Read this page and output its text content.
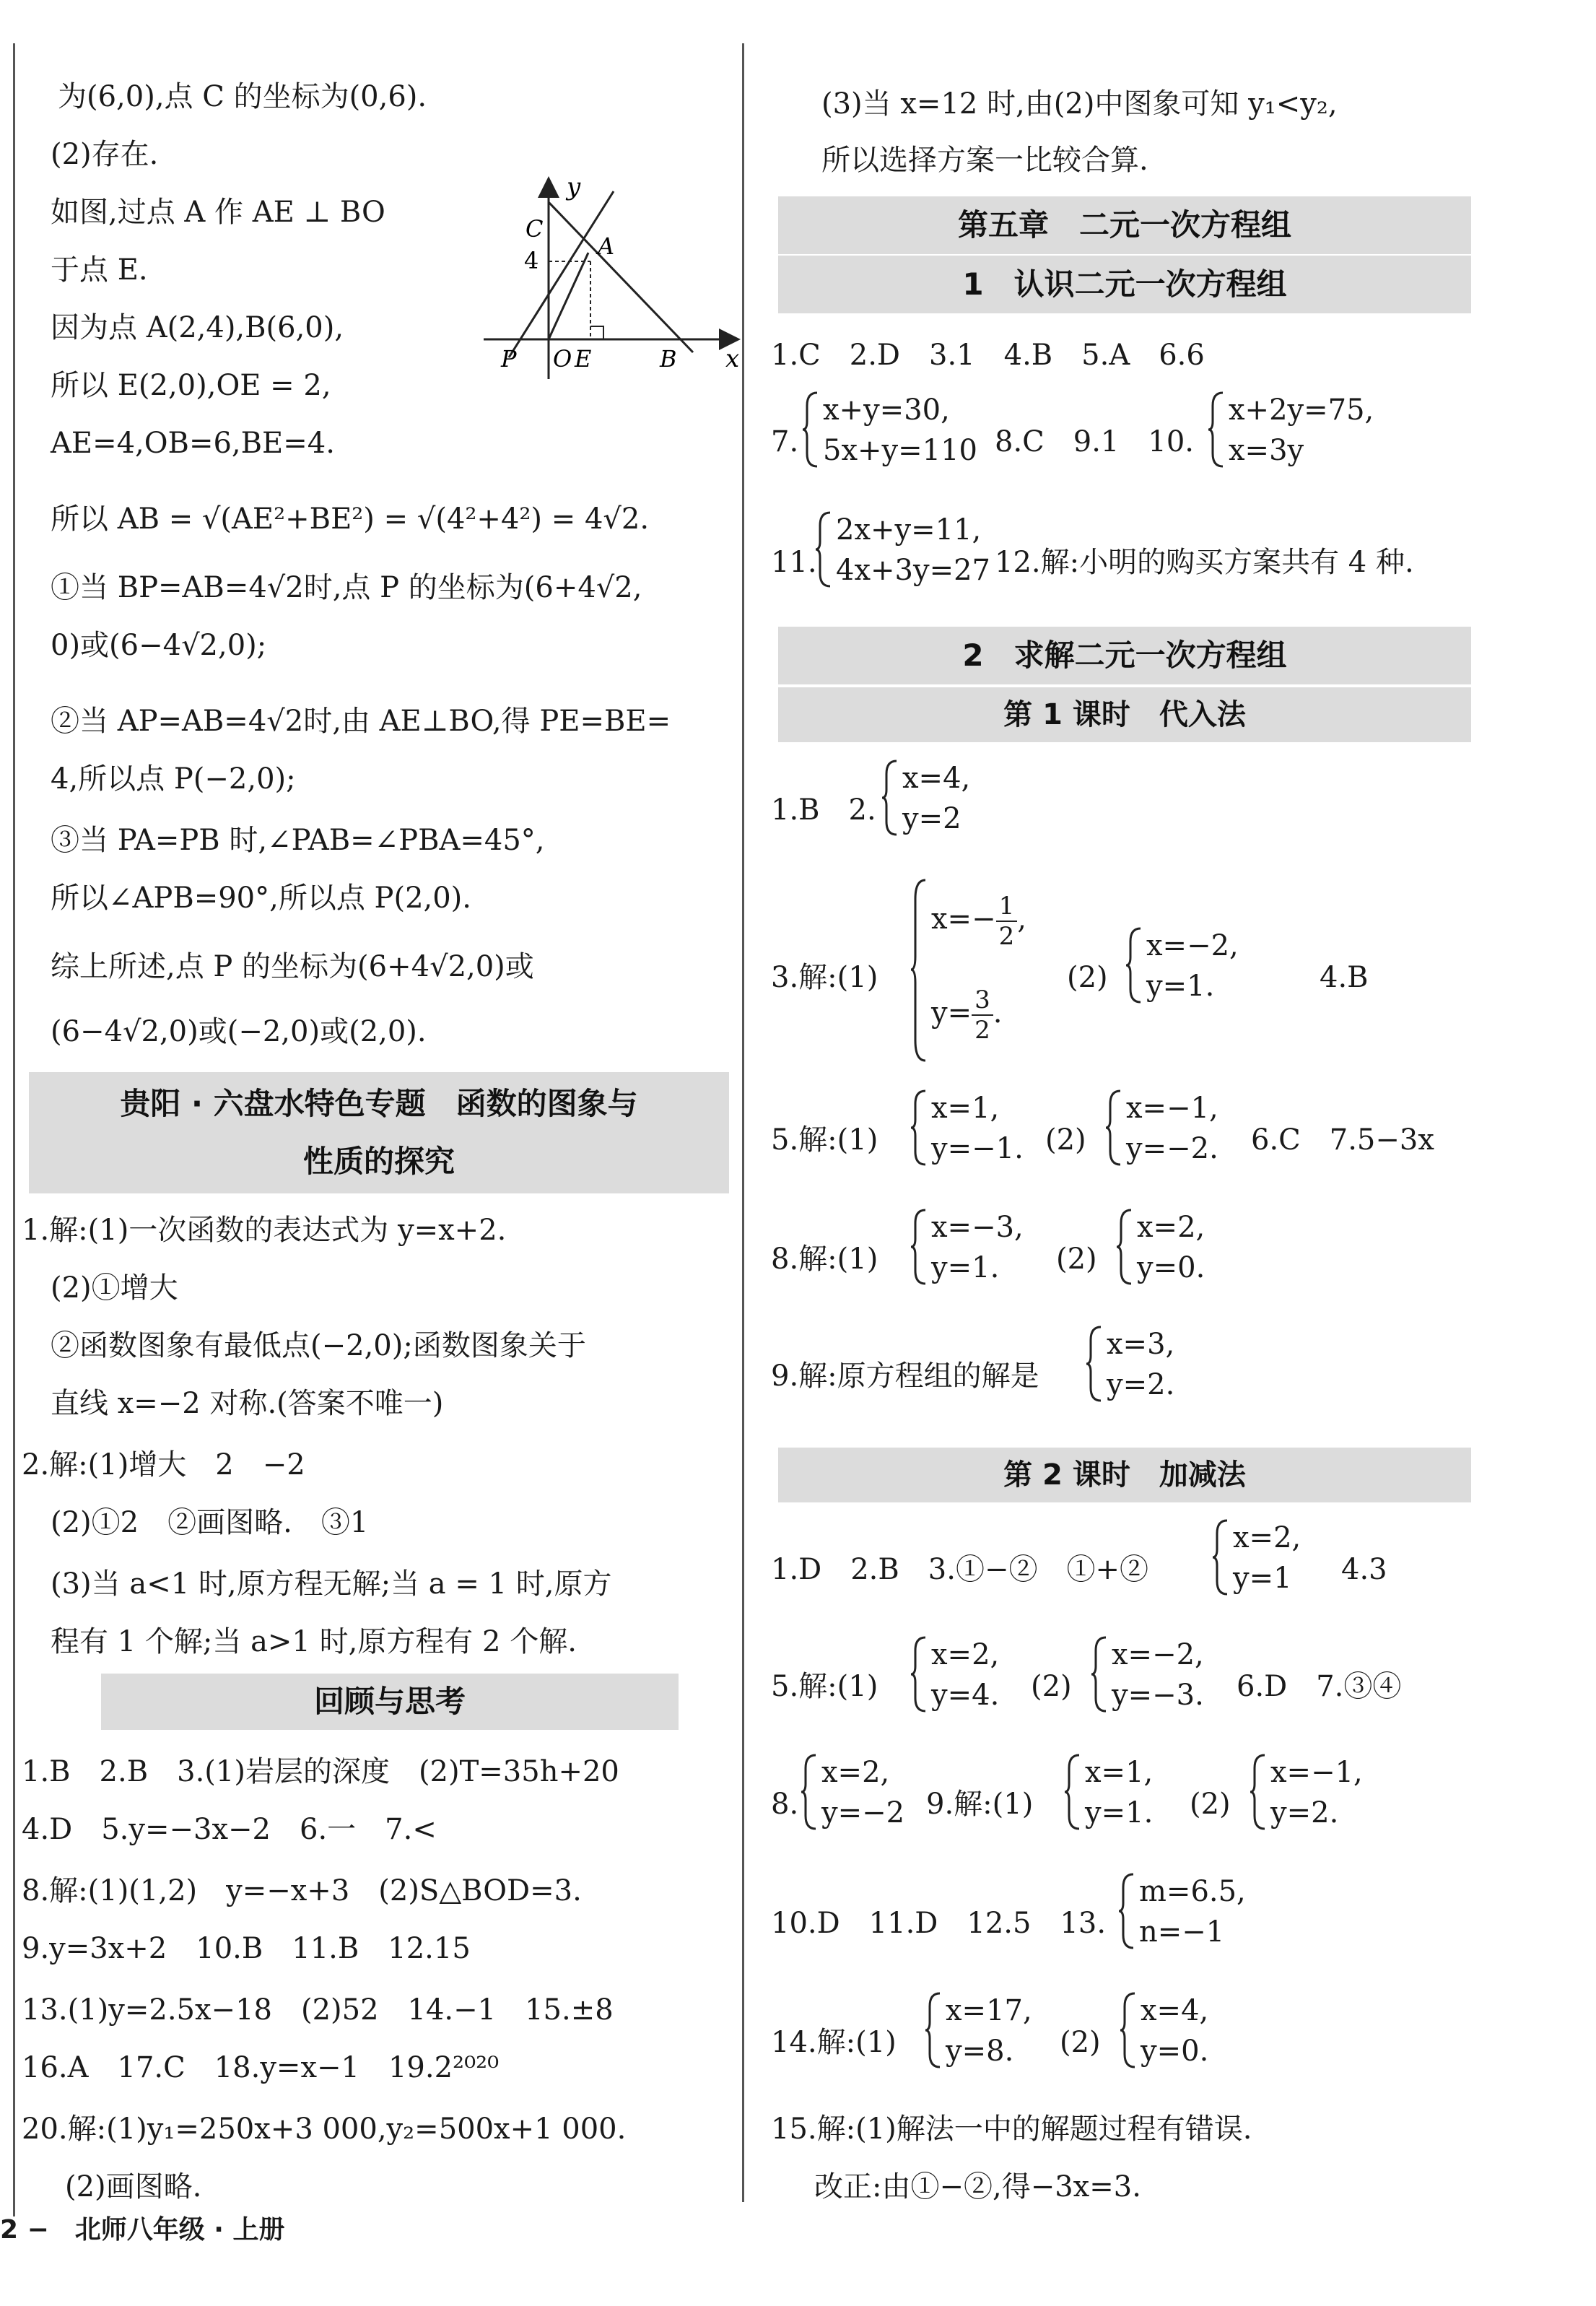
为(6,0),点 C 的坐标为(0,6).
(2)存在.
如图,过点 A 作 AE ⊥ BO
于点 E.
因为点 A(2,4),B(6,0),
所以 E(2,0),OE = 2,
AE=4,OB=6,BE=4.
y
x
C
4
A
P O E	B
所以 AB = √(AE²+BE²) = √(4²+4²) = 4√2.
①当 BP=AB=4√2时,点 P 的坐标为(6+4√2,
0)或(6−4√2,0);
②当 AP=AB=4√2时,由 AE⊥BO,得 PE=BE=
4,所以点 P(−2,0);
③当 PA=PB 时,∠PAB=∠PBA=45°,
所以∠APB=90°,所以点 P(2,0).
综上所述,点 P 的坐标为(6+4√2,0)或
(6−4√2,0)或(−2,0)或(2,0).
贵阳 · 六盘水特色专题　函数的图象与
性质的探究
1.解:(1)一次函数的表达式为 y=x+2.
(2)①增大
②函数图象有最低点(−2,0);函数图象关于
直线 x=−2 对称.(答案不唯一)
2.解:(1)增大　2　−2
(2)①2　②画图略.　③1
(3)当 a<1 时,原方程无解;当 a = 1 时,原方
程有 1 个解;当 a>1 时,原方程有 2 个解.
回顾与思考
1.B　2.B　3.(1)岩层的深度　(2)T=35h+20
4.D　5.y=−3x−2　6.一　7.<
8.解:(1)(1,2)　y=−x+3　(2)S△BOD=3.
9.y=3x+2　10.B　11.B　12.15
13.(1)y=2.5x−18　(2)52　14.−1　15.±8
16.A　17.C　18.y=x−1　19.2²⁰²⁰
20.解:(1)y₁=250x+3 000,y₂=500x+1 000.
(2)画图略.
(3)当 x=12 时,由(2)中图象可知 y₁<y₂,
所以选择方案一比较合算.
第五章　二元一次方程组
1　认识二元一次方程组
1.C　2.D　3.1　4.B　5.A　6.6
7.
x+y=30,
5x+y=110 8.C　9.1　10.
x+2y=75,
x=3y
11.
2x+y=11,
4x+3y=27 12.解:小明的购买方案共有 4 种.
2　求解二元一次方程组
第 1 课时　代入法
1.B　2.
x=4,
y=2
3.解:(1)
$x=- \frac{1}{2}$ ,
$y= \frac{3}{2}$ .
(2)
x=−2,
y=1.	4.B
5.解:(1)
x=1,
y=−1. (2)
x=−1,
y=−2. 6.C　7.5−3x
8.解:(1)
x=−3,
y=1. (2)
x=2,
y=0.
9.解:原方程组的解是
x=3,
y=2.
第 2 课时　加减法
1.D　2.B　3.①−②　①+②
x=2,
y=1 4.3
5.解:(1)
x=2,
y=4. (2)
x=−2,
y=−3. 6.D　7.③④
8.
x=2,
y=−2 9.解:(1)
x=1,
y=1. (2)
x=−1,
y=2.
10.D　11.D　12.5　13.
m=6.5,
n=−1
14.解:(1)
x=17,
y=8. (2)
x=4,
y=0.
15.解:(1)解法一中的解题过程有错误.
改正:由①−②,得−3x=3.
2 −　北师八年级 · 上册
